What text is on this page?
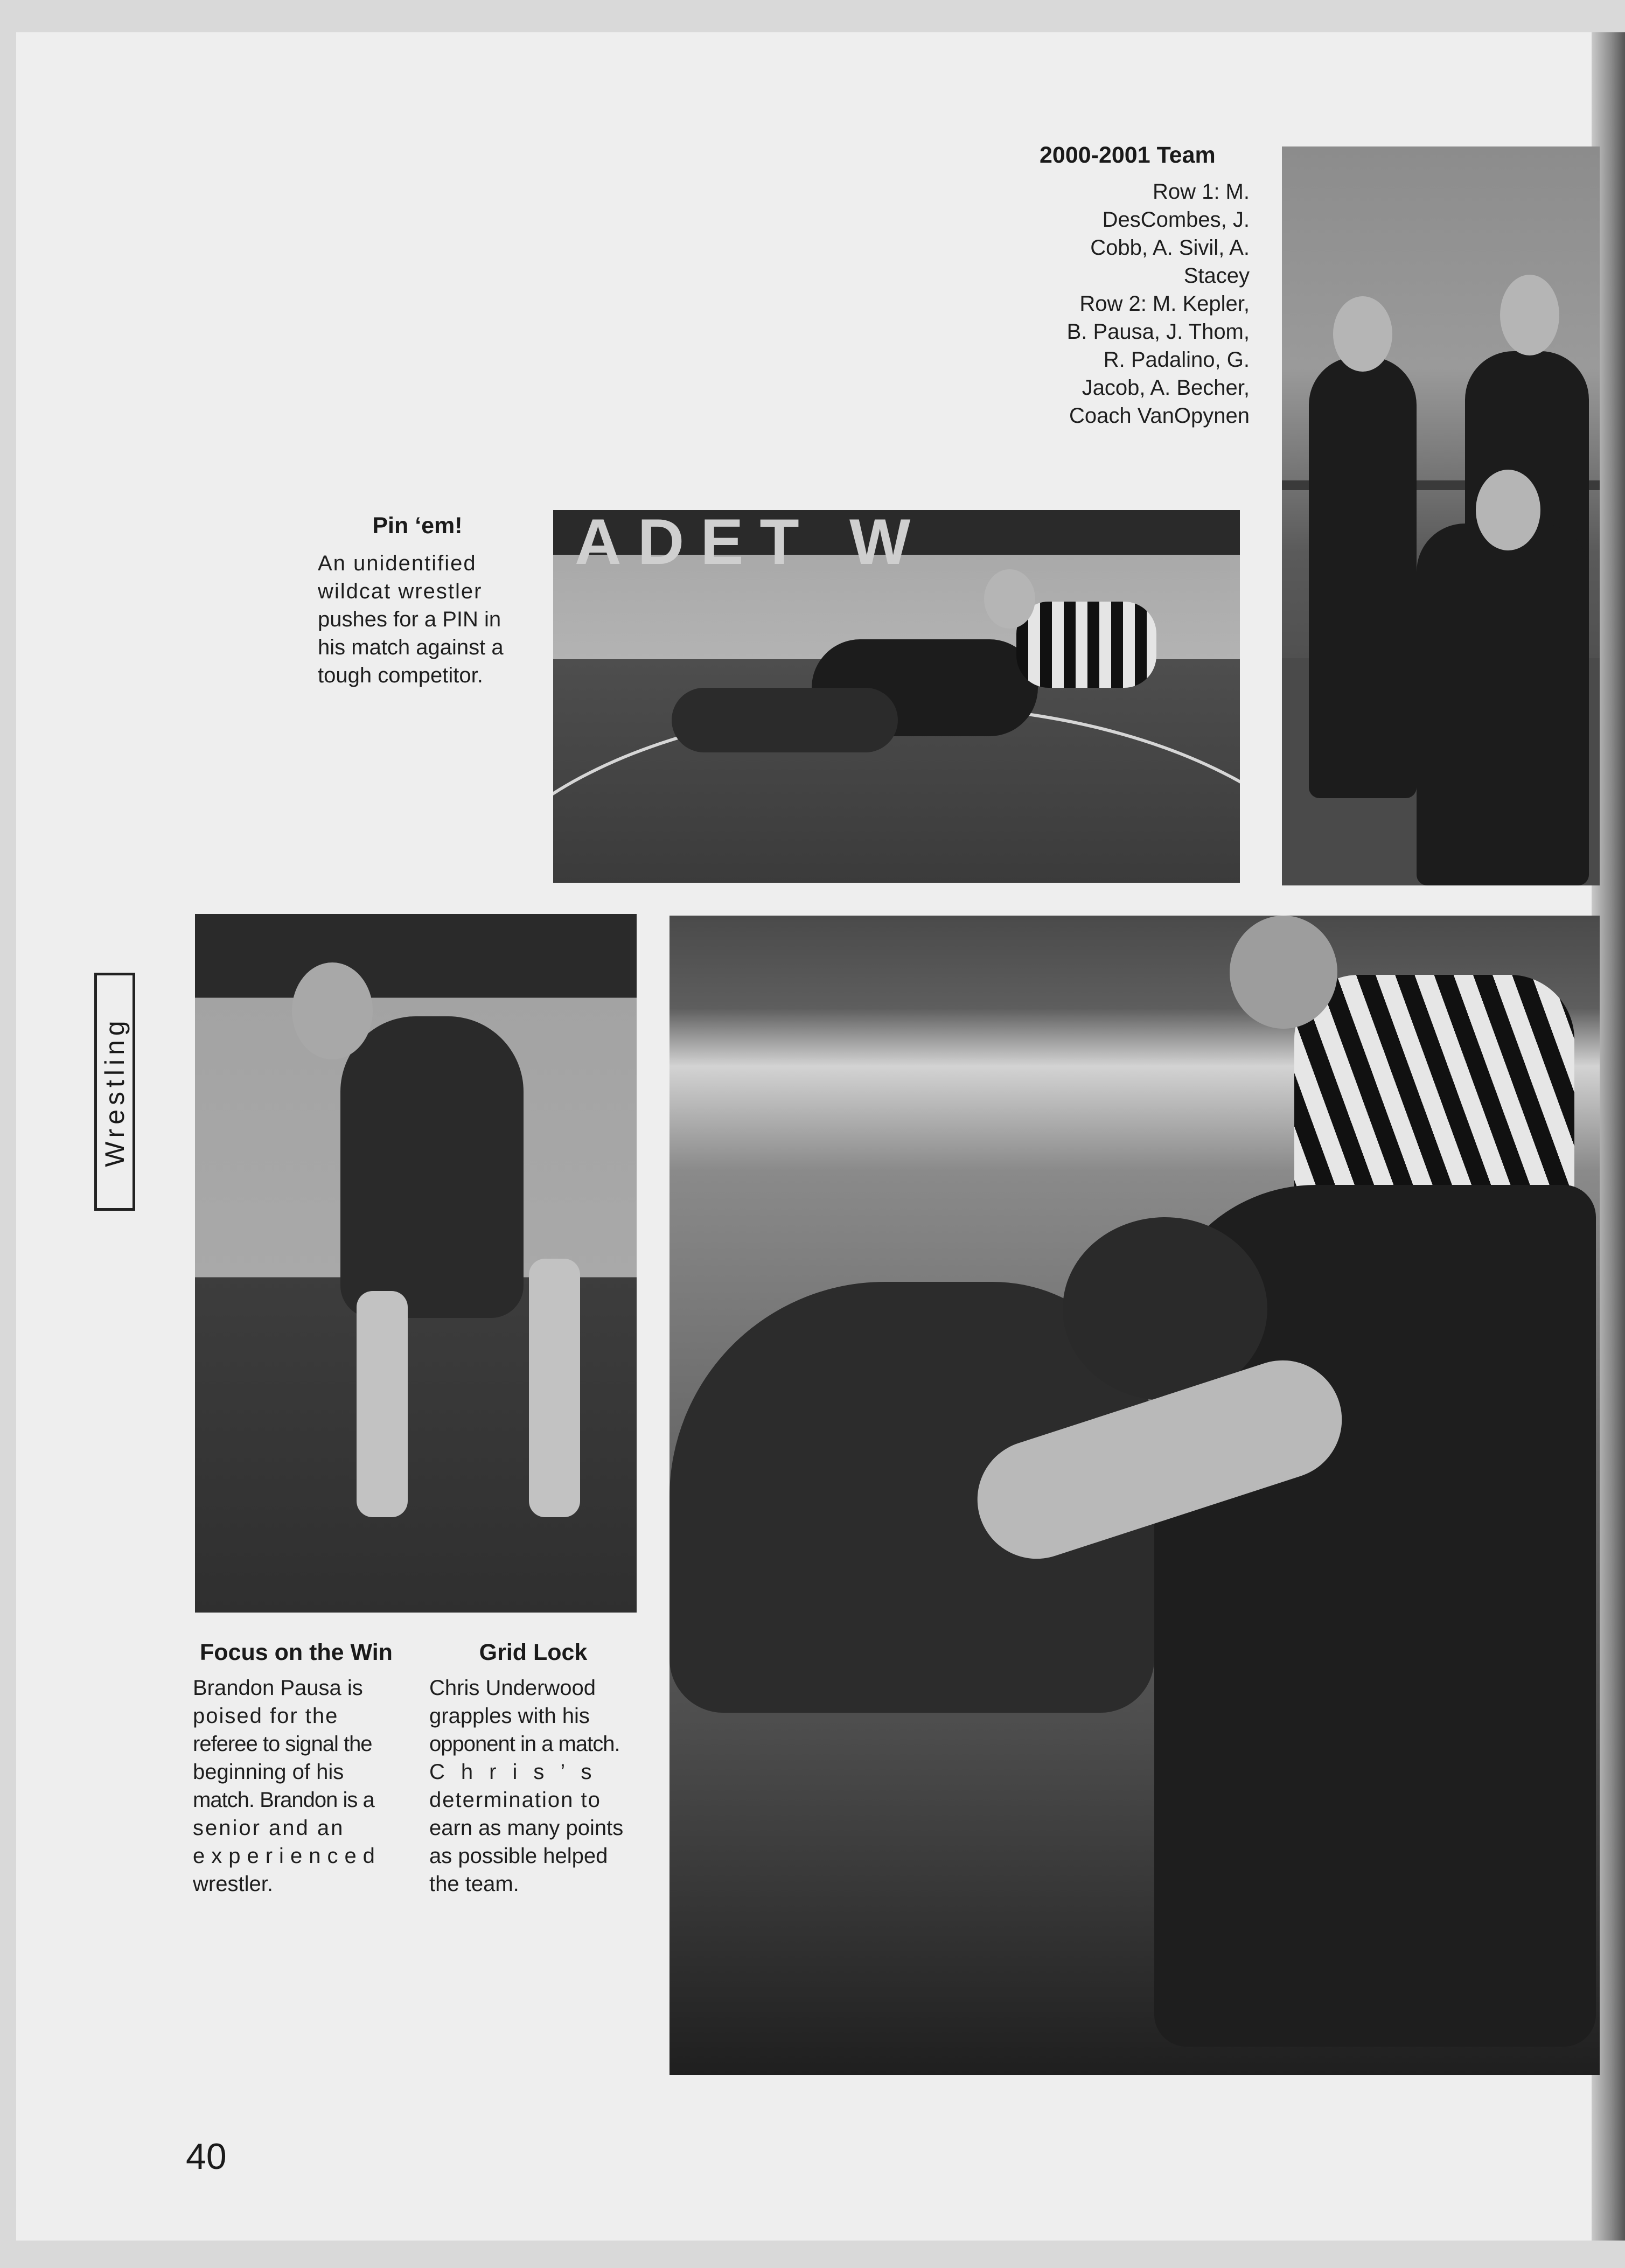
2000-2001 Team
Row 1: M.
DesCombes, J.
Cobb, A. Sivil, A.
Stacey
Row 2: M. Kepler,
B. Pausa, J. Thom,
R. Padalino, G.
Jacob, A. Becher,
Coach VanOpynen
Pin ‘em!
An unidentified
wildcat wrestler
pushes for a PIN in
his match against a
tough competitor.
ADET W
Wrestling
Focus on the Win
Brandon Pausa is
poised for the
referee to signal the
beginning of his
match. Brandon is a
senior and an
experienced
wrestler.
Grid Lock
Chris Underwood
grapples with his
opponent in a match.
Chris’s
determination to
earn as many points
as possible helped
the team.
40
